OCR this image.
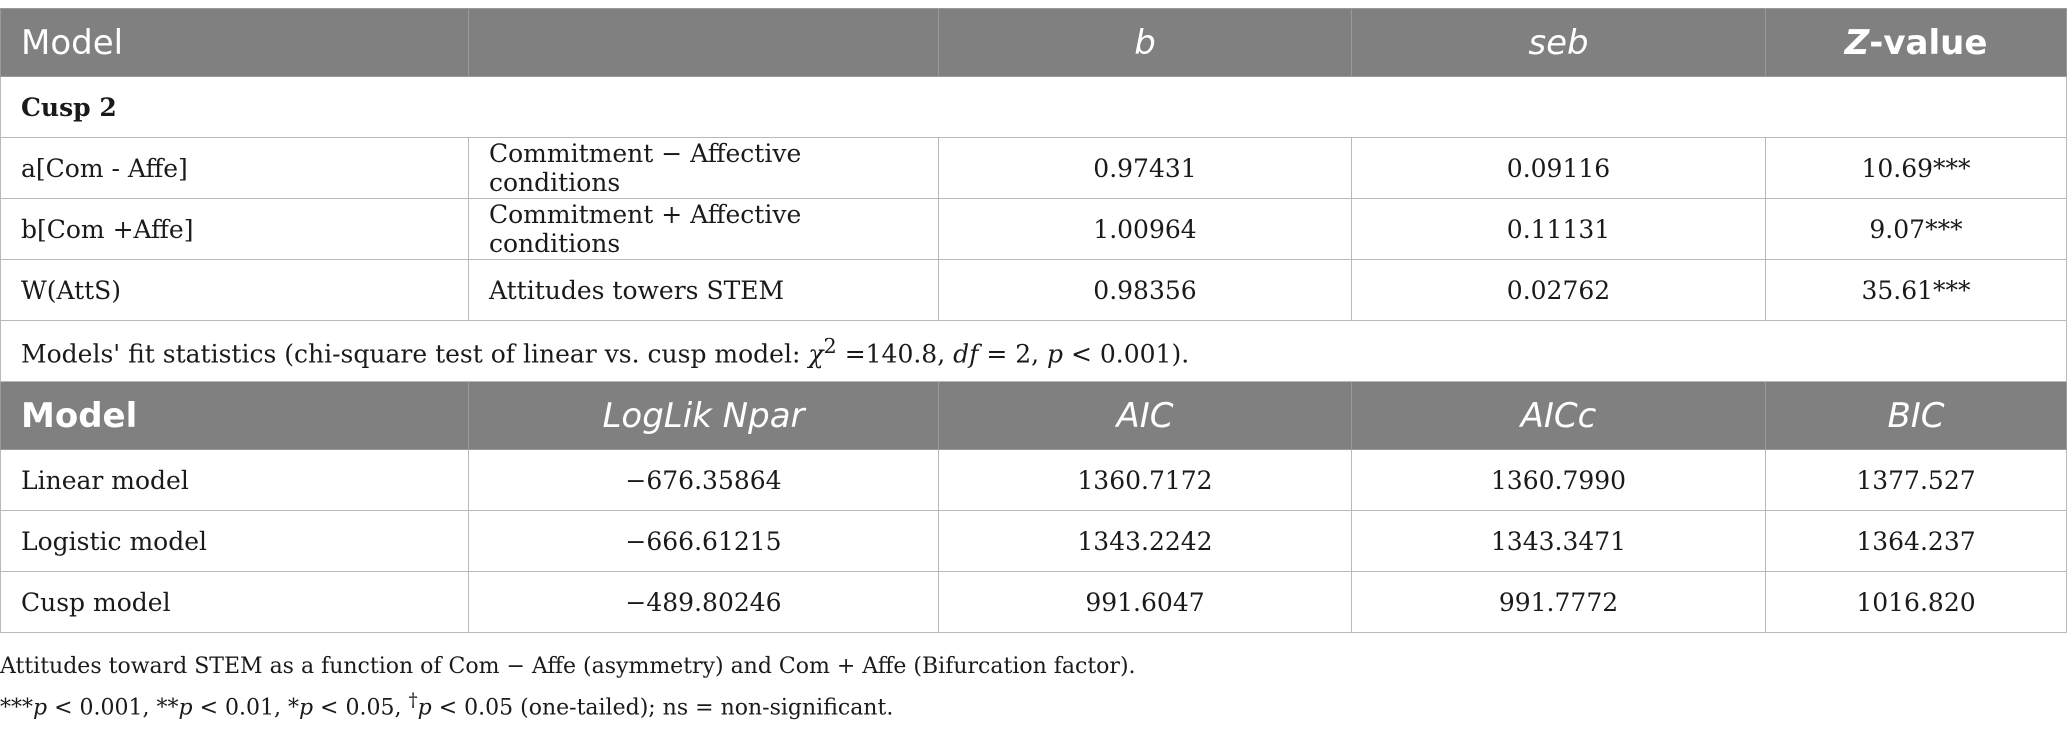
Model		b	seb	Z-value
Cusp 2				
a[Com - Affe]	Commitment − Affective conditions	0.97431	0.09116	10.69***
b[Com +Affe]	Commitment + Affective conditions	1.00964	0.11131	9.07***
W(AttS)	Attitudes towers STEM	0.98356	0.02762	35.61***
Models' fit statistics (chi-square test of linear vs. cusp model: $\chi^2 =140.8$, df = 2, p < 0.001).				
Model	LogLik Npar	AIC	AICc	BIC
Linear model	−676.35864	1360.7172	1360.7990	1377.527
Logistic model	−666.61215	1343.2242	1343.3471	1364.237
Cusp model	−489.80246	991.6047	991.7772	1016.820
Attitudes toward STEM as a function of Com − Affe (asymmetry) and Com + Affe (Bifurcation factor).
***p < 0.001, **p < 0.01, *p < 0.05, †p < 0.05 (one-tailed); ns = non-significant.
